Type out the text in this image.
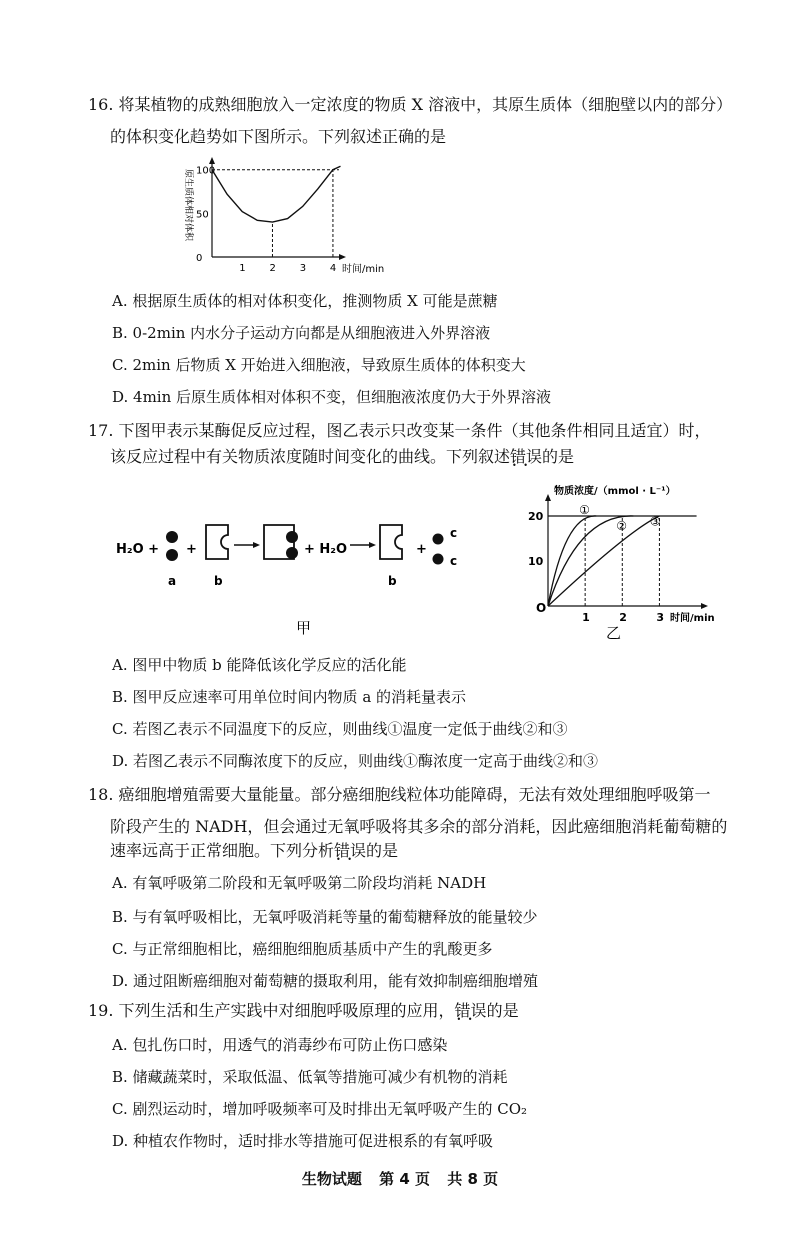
16. 将某植物的成熟细胞放入一定浓度的物质 X 溶液中，其原生质体（细胞壁以内的部分）
的体积变化趋势如下图所示。下列叙述正确的是
原生质体相对体积
0
50
100
1 2 3 4 时间/min
A. 根据原生质体的相对体积变化，推测物质 X 可能是蔗糖
B. 0-2min 内水分子运动方向都是从细胞液进入外界溶液
C. 2min 后物质 X 开始进入细胞液，导致原生质体的体积变大
D. 4min 后原生质体相对体积不变，但细胞液浓度仍大于外界溶液
17. 下图甲表示某酶促反应过程，图乙表示只改变某一条件（其他条件相同且适宜）时，
该反应过程中有关物质浓度随时间变化的曲线。下列叙述错误 • •的是
H₂O +
a
+
b
+ H₂O
b
+
c
c
甲
物质浓度/（mmol · L⁻¹）
O
1	2	3
10
20	①
② ③
时间/min
乙
A. 图甲中物质 b 能降低该化学反应的活化能
B. 图甲反应速率可用单位时间内物质 a 的消耗量表示
C. 若图乙表示不同温度下的反应，则曲线①温度一定低于曲线②和③
D. 若图乙表示不同酶浓度下的反应，则曲线①酶浓度一定高于曲线②和③
18. 癌细胞增殖需要大量能量。部分癌细胞线粒体功能障碍，无法有效处理细胞呼吸第一
阶段产生的 NADH，但会通过无氧呼吸将其多余的部分消耗，因此癌细胞消耗葡萄糖的
速率远高于正常细胞。下列分析错误 • •的是
A. 有氧呼吸第二阶段和无氧呼吸第二阶段均消耗 NADH
B. 与有氧呼吸相比，无氧呼吸消耗等量的葡萄糖释放的能量较少
C. 与正常细胞相比，癌细胞细胞质基质中产生的乳酸更多
D. 通过阻断癌细胞对葡萄糖的摄取利用，能有效抑制癌细胞增殖
19. 下列生活和生产实践中对细胞呼吸原理的应用，错误 • •的是
A. 包扎伤口时，用透气的消毒纱布可防止伤口感染
B. 储藏蔬菜时，采取低温、低氧等措施可减少有机物的消耗
C. 剧烈运动时，增加呼吸频率可及时排出无氧呼吸产生的 CO₂
D. 种植农作物时，适时排水等措施可促进根系的有氧呼吸
生物试题 第 4 页 共 8 页
